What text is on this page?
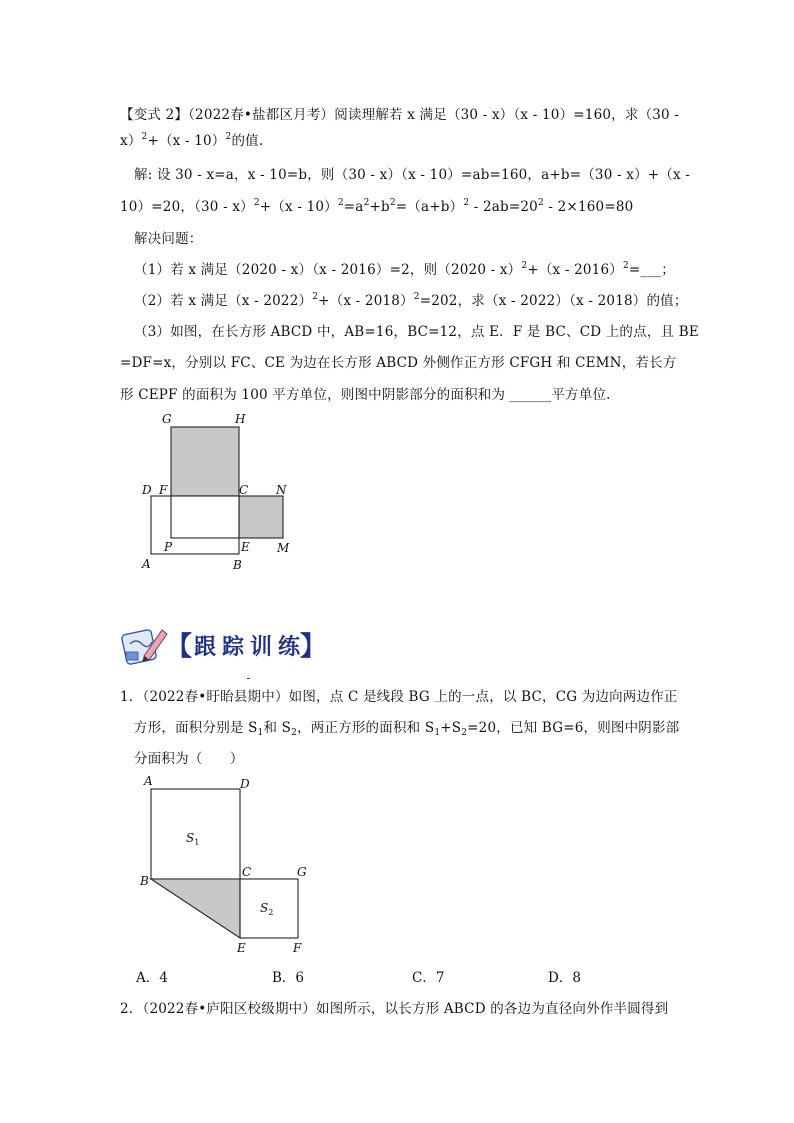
【变式 2】（2022春•盐都区月考）阅读理解若 x 满足（30 - x）（x - 10）=160，求（30 -
x）$^2$+（x - 10）$^2$的值.
解: 设 30 - x=a，x - 10=b，则（30 - x）（x - 10）=ab=160，a+b=（30 - x）+（x -
10）=20，$(30 - x)^2+(x - 10)^2=a^2+b^2=(a+b)^2 - 2ab=20^2 - 2\times 160=80$
解决问题：
（1）若 x 满足（2020 - x）（x - 2016）=2，则（2020 - x）$^2$+（x - 2016）$^2$=___；
（2）若 x 满足（x - 2022）$^2$+（x - 2018）$^2$=202，求（x - 2022）（x - 2018）的值；
（3）如图，在长方形 ABCD 中，AB=16，BC=12，点 E．F 是 BC、CD 上的点，且 BE
=DF=x，分别以 FC、CE 为边在长方形 ABCD 外侧作正方形 CFGH 和 CEMN，若长方
形 CEPF 的面积为 100 平方单位，则图中阴影部分的面积和为 ______平方单位.
G	H
D F	C N
P	E M
A	B
【 跟踪训练
】
1．（2022春•盱眙县期中）如图，点 C 是线段 BG 上的一点，以 BC，CG 为边向两边作正
方形，面积分别是 $S_1$和 $S_2$，两正方形的面积和 $S_1+S_2=20$，已知 BG=6，则图中阴影部
分面积为（　　）
A	D
B
C	G
E	F
$S_1$
$S_2$
A．4	B．6	C．7	D．8
2．（2022春•庐阳区校级期中）如图所示，以长方形 ABCD 的各边为直径向外作半圆得到
